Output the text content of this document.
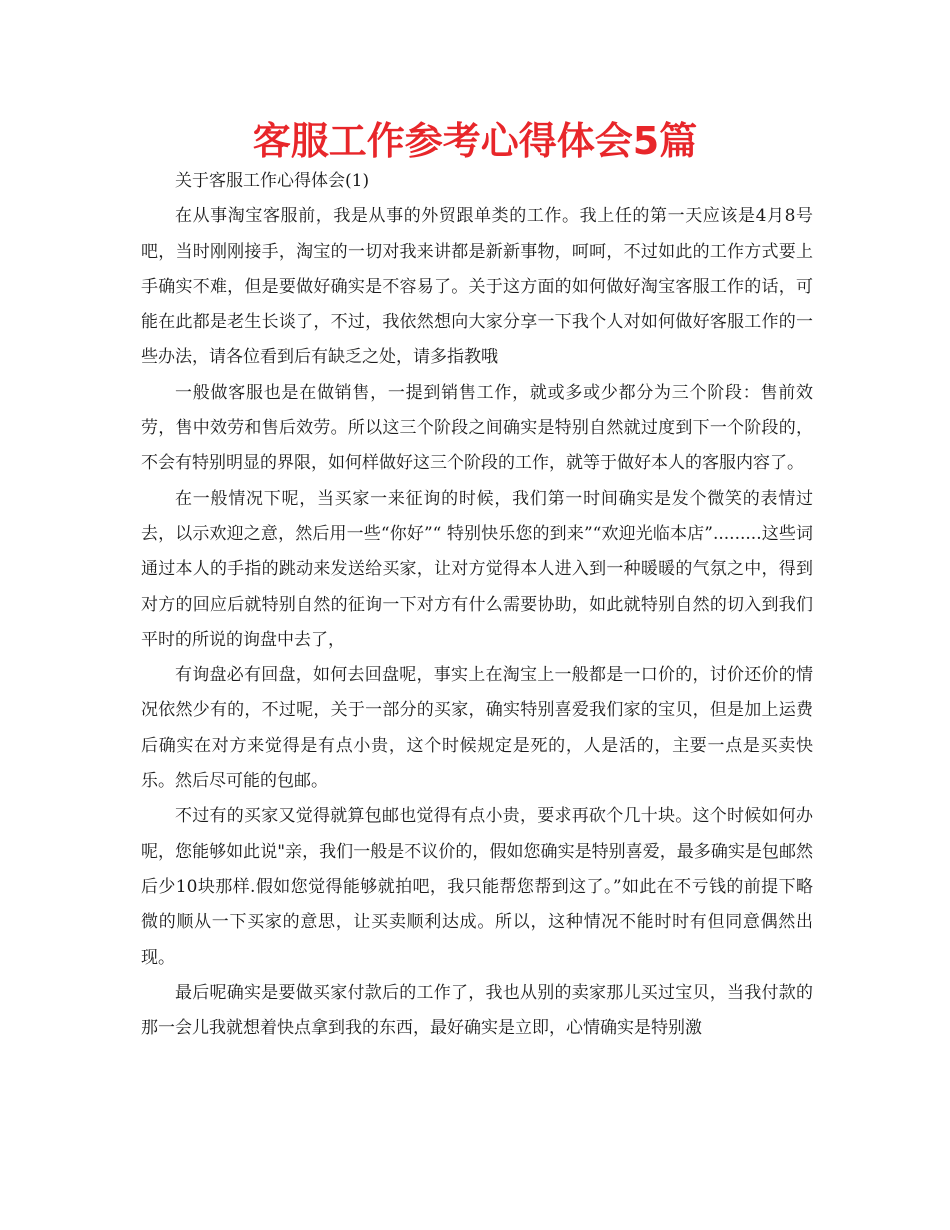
客服工作参考心得体会5篇

关于客服工作心得体会(1)

在从事淘宝客服前，我是从事的外贸跟单类的工作。我上任的第一天应该是4月8号吧，当时刚刚接手，淘宝的一切对我来讲都是新新事物，呵呵，不过如此的工作方式要上手确实不难，但是要做好确实是不容易了。关于这方面的如何做好淘宝客服工作的话，可能在此都是老生长谈了，不过，我依然想向大家分享一下我个人对如何做好客服工作的一些办法，请各位看到后有缺乏之处，请多指教哦

一般做客服也是在做销售，一提到销售工作，就或多或少都分为三个阶段：售前效劳，售中效劳和售后效劳。所以这三个阶段之间确实是特别自然就过度到下一个阶段的，不会有特别明显的界限，如何样做好这三个阶段的工作，就等于做好本人的客服内容了。

在一般情况下呢，当买家一来征询的时候，我们第一时间确实是发个微笑的表情过去，以示欢迎之意，然后用一些“你好”“ 特别快乐您的到来”“欢迎光临本店”.........这些词通过本人的手指的跳动来发送给买家，让对方觉得本人进入到一种暖暖的气氛之中，得到对方的回应后就特别自然的征询一下对方有什么需要协助，如此就特别自然的切入到我们平时的所说的询盘中去了，

有询盘必有回盘，如何去回盘呢，事实上在淘宝上一般都是一口价的，讨价还价的情况依然少有的，不过呢，关于一部分的买家，确实特别喜爱我们家的宝贝，但是加上运费后确实在对方来觉得是有点小贵，这个时候规定是死的，人是活的，主要一点是买卖快乐。然后尽可能的包邮。

不过有的买家又觉得就算包邮也觉得有点小贵，要求再砍个几十块。这个时候如何办呢，您能够如此说"亲，我们一般是不议价的，假如您确实是特别喜爱，最多确实是包邮然后少10块那样.假如您觉得能够就拍吧，我只能帮您帮到这了。”如此在不亏钱的前提下略微的顺从一下买家的意思，让买卖顺利达成。所以，这种情况不能时时有但同意偶然出现。

最后呢确实是要做买家付款后的工作了，我也从别的卖家那儿买过宝贝，当我付款的那一会儿我就想着快点拿到我的东西，最好确实是立即，心情确实是特别激
